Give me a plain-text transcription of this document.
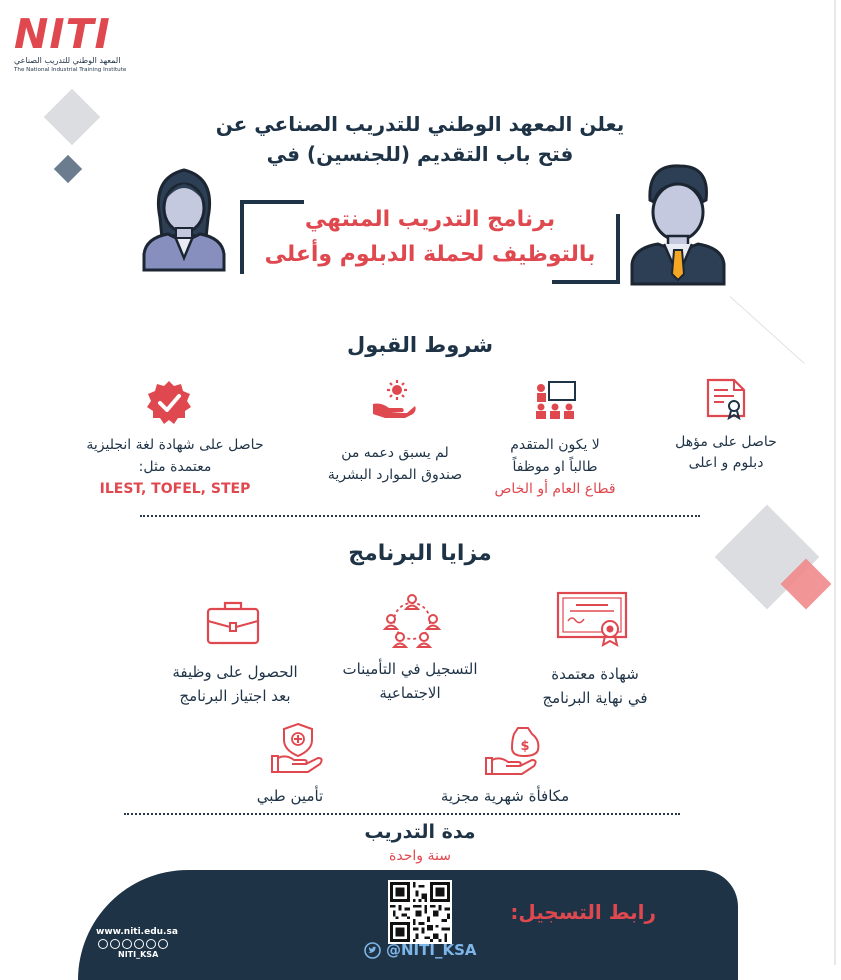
NITI
المعهد الوطني للتدريب الصناعي
The National Industrial Training Institute
يعلن المعهد الوطني للتدريب الصناعي عن
فتح باب التقديم (للجنسين) في
برنامج التدريب المنتهي
بالتوظيف لحملة الدبلوم وأعلى
شروط القبول
حاصل على مؤهل
دبلوم و اعلى
لا يكون المتقدم
طالباً او موظفاً
قطاع العام أو الخاص
لم يسبق دعمه من
صندوق الموارد البشرية
حاصل على شهادة لغة انجليزية
معتمدة مثل:
ILEST, TOFEL, STEP
مزايا البرنامج
شهادة معتمدة
في نهاية البرنامج
التسجيل في التأمينات
الاجتماعية
الحصول على وظيفة
بعد اجتياز البرنامج
$
مكافأة شهرية مجزية
تأمين طبي
مدة التدريب
سنة واحدة
@NITI_KSA
رابط التسجيل:
www.niti.edu.sa
NITI_KSA
